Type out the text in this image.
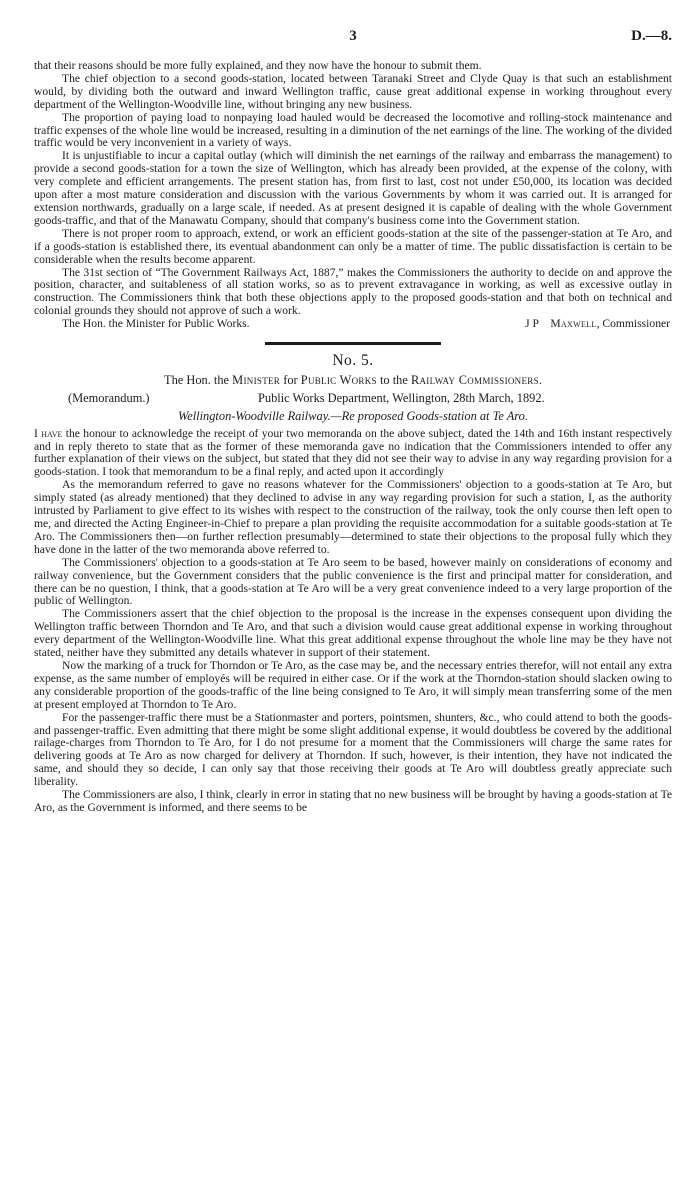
3	D.—8.

that their reasons should be more fully explained, and they now have the honour to submit them.

The chief objection to a second goods-station, located between Taranaki Street and Clyde Quay is that such an establishment would, by dividing both the outward and inward Wellington traffic, cause great additional expense in working throughout every department of the Wellington-Woodville line, without bringing any new business.

The proportion of paying load to nonpaying load hauled would be decreased the locomotive and rolling-stock maintenance and traffic expenses of the whole line would be increased, resulting in a diminution of the net earnings of the line. The working of the divided traffic would be very inconvenient in a variety of ways.

It is unjustifiable to incur a capital outlay (which will diminish the net earnings of the railway and embarrass the management) to provide a second goods-station for a town the size of Wellington, which has already been provided, at the expense of the colony, with very complete and efficient arrangements. The present station has, from first to last, cost not under £50,000, its location was decided upon after a most mature consideration and discussion with the various Governments by whom it was carried out. It is arranged for extension northwards, gradually on a large scale, if needed. As at present designed it is capable of dealing with the whole Government goods-traffic, and that of the Manawatu Company, should that company's business come into the Government station.

There is not proper room to approach, extend, or work an efficient goods-station at the site of the passenger-station at Te Aro, and if a goods-station is established there, its eventual abandonment can only be a matter of time. The public dissatisfaction is certain to be considerable when the results become apparent.

The 31st section of “The Government Railways Act, 1887,” makes the Commissioners the authority to decide on and approve the position, character, and suitableness of all station works, so as to prevent extravagance in working, as well as excessive outlay in construction. The Commissioners think that both these objections apply to the proposed goods-station and that both on technical and colonial grounds they should not approve of such a work.

The Hon. the Minister for Public Works.	J P Maxwell, Commissioner
No. 5.
The Hon. the Minister for Public Works to the Railway Commissioners.
(Memorandum.)	Public Works Department, Wellington, 28th March, 1892.
Wellington-Woodville Railway.—Re proposed Goods-station at Te Aro.

I have the honour to acknowledge the receipt of your two memoranda on the above subject, dated the 14th and 16th instant respectively and in reply thereto to state that as the former of these memoranda gave no indication that the Commissioners intended to offer any further explanation of their views on the subject, but stated that they did not see their way to advise in any way regarding provision for a goods-station. I took that memorandum to be a final reply, and acted upon it accordingly

As the memorandum referred to gave no reasons whatever for the Commissioners' objection to a goods-station at Te Aro, but simply stated (as already mentioned) that they declined to advise in any way regarding provision for such a station, I, as the authority intrusted by Parliament to give effect to its wishes with respect to the construction of the railway, took the only course then left open to me, and directed the Acting Engineer-in-Chief to prepare a plan providing the requisite accommodation for a suitable goods-station at Te Aro. The Commissioners then—on further reflection presumably—determined to state their objections to the proposal fully which they have done in the latter of the two memoranda above referred to.

The Commissioners' objection to a goods-station at Te Aro seem to be based, however mainly on considerations of economy and railway convenience, but the Government considers that the public convenience is the first and principal matter for consideration, and there can be no question, I think, that a goods-station at Te Aro will be a very great convenience indeed to a very large proportion of the public of Wellington.

The Commissioners assert that the chief objection to the proposal is the increase in the expenses consequent upon dividing the Wellington traffic between Thorndon and Te Aro, and that such a division would cause great additional expense in working throughout every department of the Wellington-Woodville line. What this great additional expense throughout the whole line may be they have not stated, neither have they submitted any details whatever in support of their statement.

Now the marking of a truck for Thorndon or Te Aro, as the case may be, and the necessary entries therefor, will not entail any extra expense, as the same number of employés will be required in either case. Or if the work at the Thorndon-station should slacken owing to any considerable proportion of the goods-traffic of the line being consigned to Te Aro, it will simply mean transferring some of the men at present employed at Thorndon to Te Aro.

For the passenger-traffic there must be a Stationmaster and porters, pointsmen, shunters, &c., who could attend to both the goods- and passenger-traffic. Even admitting that there might be some slight additional expense, it would doubtless be covered by the additional railage-charges from Thorndon to Te Aro, for I do not presume for a moment that the Commissioners will charge the same rates for delivering goods at Te Aro as now charged for delivery at Thorndon. If such, however, is their intention, they have not indicated the same, and should they so decide, I can only say that those receiving their goods at Te Aro will doubtless greatly appreciate such liberality.

The Commissioners are also, I think, clearly in error in stating that no new business will be brought by having a goods-station at Te Aro, as the Government is informed, and there seems to be
